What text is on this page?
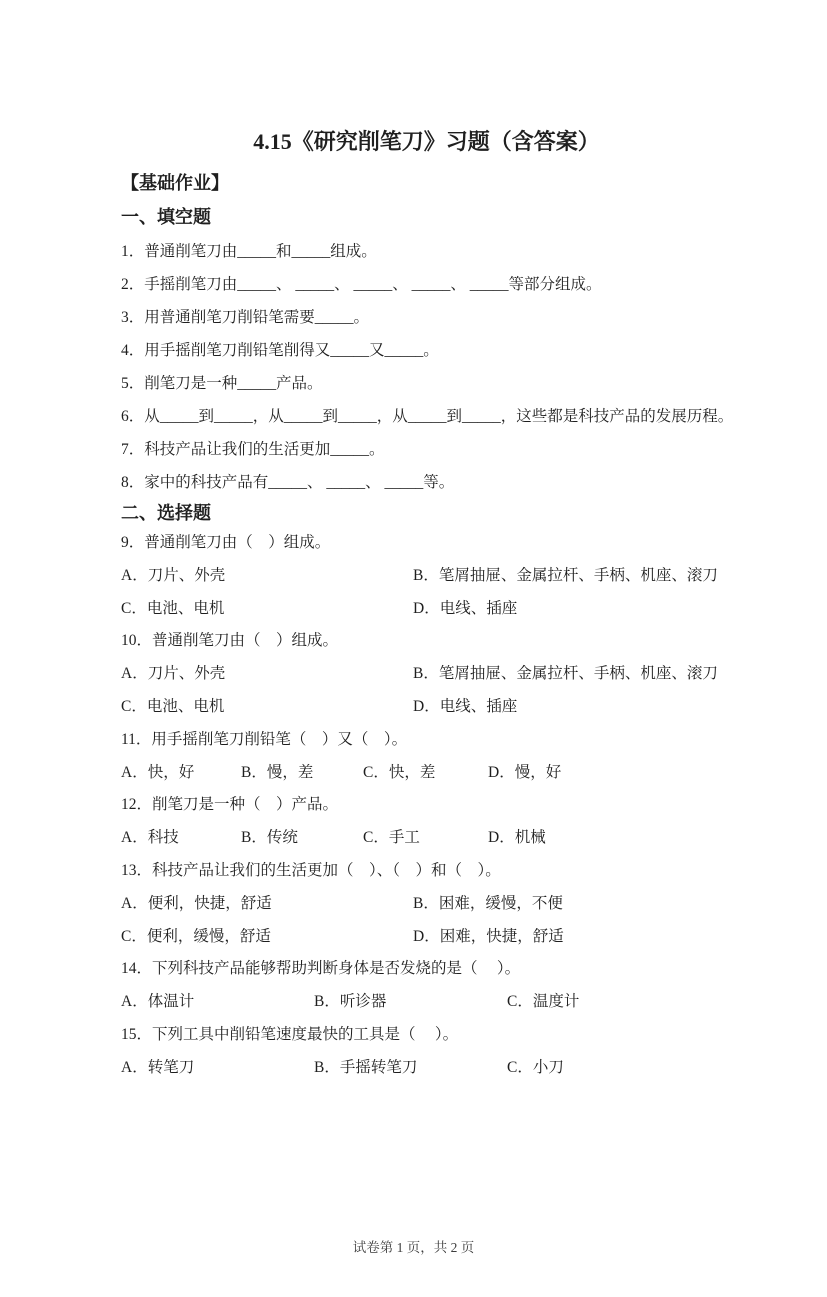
4.15《研究削笔刀》习题（含答案）
【基础作业】
一、填空题
1．普通削笔刀由_____和_____组成。
2．手摇削笔刀由_____、 _____、 _____、 _____、 _____等部分组成。
3．用普通削笔刀削铅笔需要_____。
4．用手摇削笔刀削铅笔削得又_____又_____。
5．削笔刀是一种_____产品。
6．从_____到_____，从_____到_____，从_____到_____，这些都是科技产品的发展历程。
7．科技产品让我们的生活更加_____。
8．家中的科技产品有_____、 _____、 _____等。
二、选择题
9．普通削笔刀由（　）组成。
A．刀片、外壳	B．笔屑抽屉、金属拉杆、手柄、机座、滚刀
C．电池、电机	D．电线、插座
10．普通削笔刀由（　）组成。
A．刀片、外壳	B．笔屑抽屉、金属拉杆、手柄、机座、滚刀
C．电池、电机	D．电线、插座
11．用手摇削笔刀削铅笔（　）又（　）。
A．快，好	B．慢，差	C．快，差	D．慢，好
12．削笔刀是一种（　）产品。
A．科技	B．传统	C．手工	D．机械
13．科技产品让我们的生活更加（　）、（　）和（　）。
A．便利，快捷，舒适	B．困难，缓慢，不便
C．便利，缓慢，舒适	D．困难，快捷，舒适
14．下列科技产品能够帮助判断身体是否发烧的是（　 ）。
A．体温计	B．听诊器	C．温度计
15．下列工具中削铅笔速度最快的工具是（　 ）。
A．转笔刀	B．手摇转笔刀	C．小刀
试卷第 1 页，共 2 页
